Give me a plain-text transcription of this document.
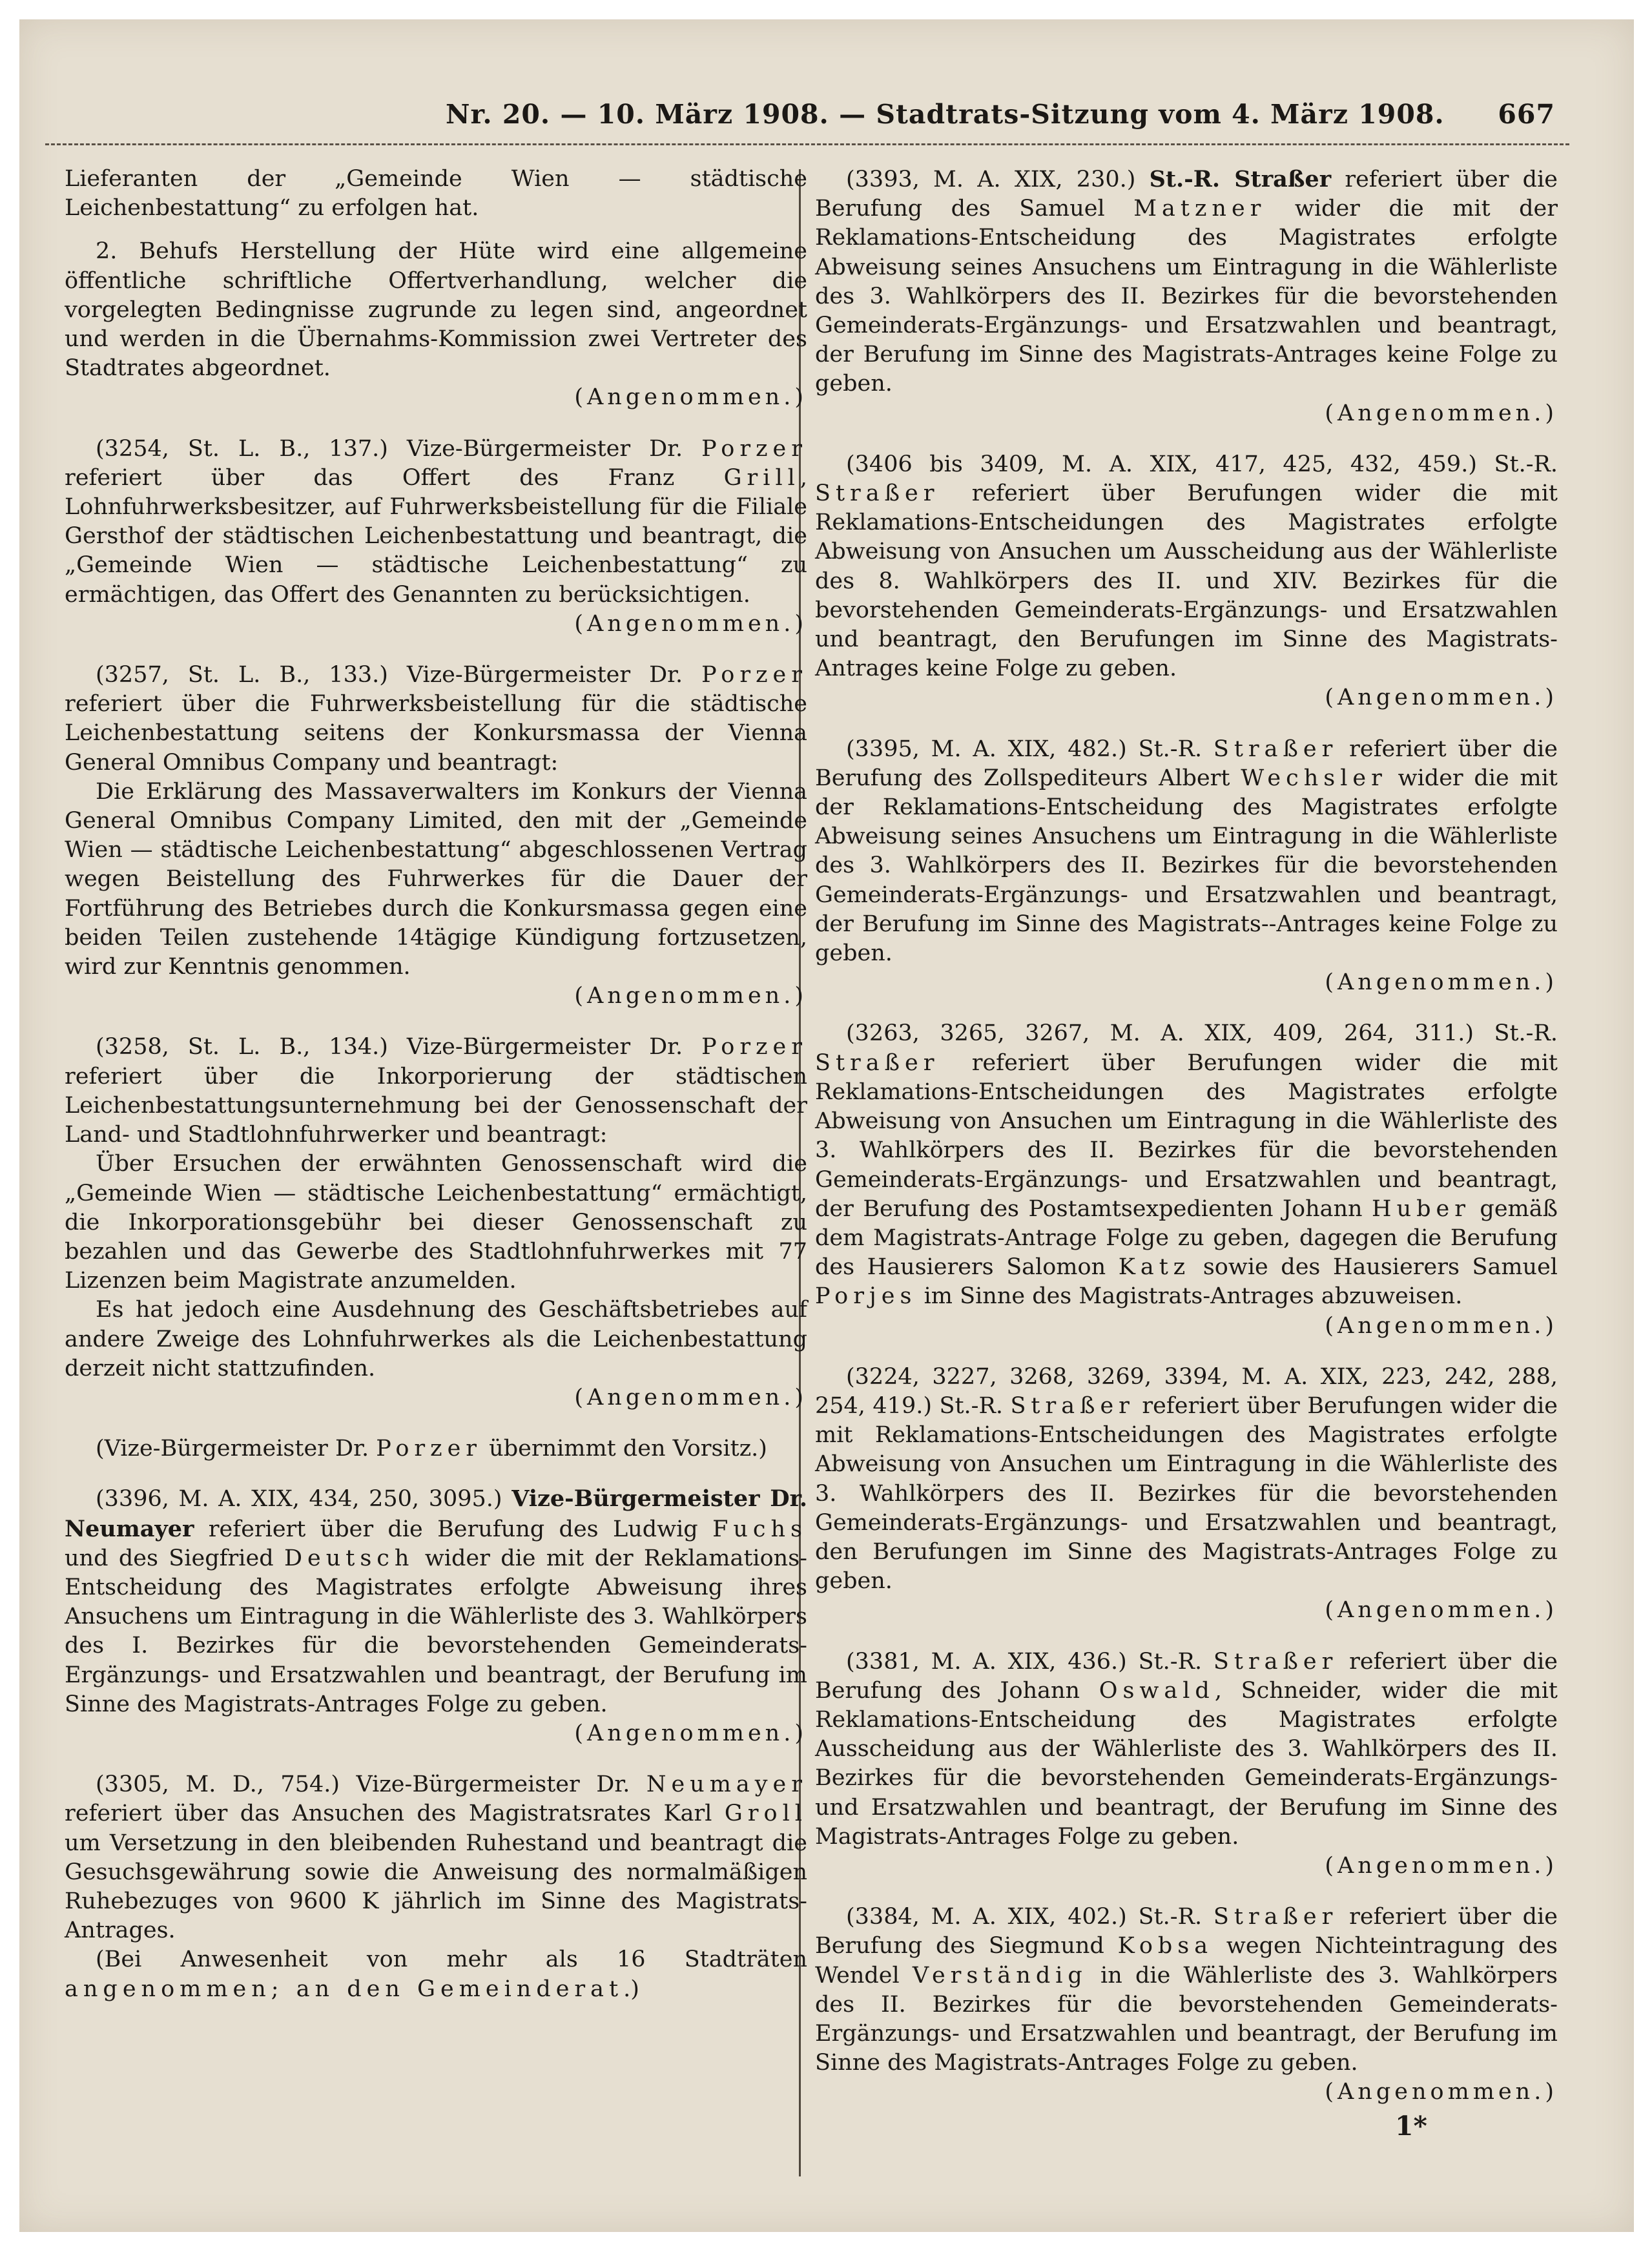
Nr. 20. — 10. März 1908. — Stadtrats-Sitzung vom 4. März 1908. 667

Lieferanten der „Gemeinde Wien — städtische Leichenbestattung“ zu erfolgen hat.

2. Behufs Herstellung der Hüte wird eine allgemeine öffentliche schriftliche Offertverhandlung, welcher die vorgelegten Bedingnisse zugrunde zu legen sind, angeordnet und werden in die Übernahms-Kommission zwei Vertreter des Stadtrates abgeordnet.

(Angenommen.)

(3254, St. L. B., 137.) Vize-Bürgermeister Dr. Porzer referiert über das Offert des Franz Grill, Lohnfuhrwerksbesitzer, auf Fuhrwerksbeistellung für die Filiale Gersthof der städtischen Leichenbestattung und beantragt, die „Gemeinde Wien — städtische Leichenbestattung“ zu ermächtigen, das Offert des Genannten zu berücksichtigen.

(Angenommen.)

(3257, St. L. B., 133.) Vize-Bürgermeister Dr. Porzer referiert über die Fuhrwerksbeistellung für die städtische Leichenbestattung seitens der Konkursmassa der Vienna General Omnibus Company und beantragt:

Die Erklärung des Massaverwalters im Konkurs der Vienna General Omnibus Company Limited, den mit der „Gemeinde Wien — städtische Leichenbestattung“ abgeschlossenen Vertrag wegen Beistellung des Fuhrwerkes für die Dauer der Fortführung des Betriebes durch die Konkursmassa gegen eine beiden Teilen zustehende 14tägige Kündigung fortzusetzen, wird zur Kenntnis genommen.

(Angenommen.)

(3258, St. L. B., 134.) Vize-Bürgermeister Dr. Porzer referiert über die Inkorporierung der städtischen Leichenbestattungsunternehmung bei der Genossenschaft der Land- und Stadtlohnfuhrwerker und beantragt:

Über Ersuchen der erwähnten Genossenschaft wird die „Gemeinde Wien — städtische Leichenbestattung“ ermächtigt, die Inkorporationsgebühr bei dieser Genossenschaft zu bezahlen und das Gewerbe des Stadtlohnfuhrwerkes mit 77 Lizenzen beim Magistrate anzumelden.

Es hat jedoch eine Ausdehnung des Geschäftsbetriebes auf andere Zweige des Lohnfuhrwerkes als die Leichenbestattung derzeit nicht stattzufinden.

(Angenommen.)

(Vize-Bürgermeister Dr. Porzer übernimmt den Vorsitz.)

(3396, M. A. XIX, 434, 250, 3095.) Vize-Bürgermeister Dr. Neumayer referiert über die Berufung des Ludwig Fuchs und des Siegfried Deutsch wider die mit der Reklamations-Entscheidung des Magistrates erfolgte Abweisung ihres Ansuchens um Eintragung in die Wählerliste des 3. Wahlkörpers des I. Bezirkes für die bevorstehenden Gemeinderats-Ergänzungs- und Ersatzwahlen und beantragt, der Berufung im Sinne des Magistrats-Antrages Folge zu geben.

(Angenommen.)

(3305, M. D., 754.) Vize-Bürgermeister Dr. Neumayer referiert über das Ansuchen des Magistratsrates Karl Groll um Versetzung in den bleibenden Ruhestand und beantragt die Gesuchsgewährung sowie die Anweisung des normalmäßigen Ruhebezuges von 9600 K jährlich im Sinne des Magistrats-Antrages.

(Bei Anwesenheit von mehr als 16 Stadträten angenommen; an den Gemeinderat.)

(3393, M. A. XIX, 230.) St.-R. Straßer referiert über die Berufung des Samuel Matzner wider die mit der Reklamations-Entscheidung des Magistrates erfolgte Abweisung seines Ansuchens um Eintragung in die Wählerliste des 3. Wahlkörpers des II. Bezirkes für die bevorstehenden Gemeinderats-Ergänzungs- und Ersatzwahlen und beantragt, der Berufung im Sinne des Magistrats-Antrages keine Folge zu geben.

(Angenommen.)

(3406 bis 3409, M. A. XIX, 417, 425, 432, 459.) St.-R. Straßer referiert über Berufungen wider die mit Reklamations-Entscheidungen des Magistrates erfolgte Abweisung von Ansuchen um Ausscheidung aus der Wählerliste des 8. Wahlkörpers des II. und XIV. Bezirkes für die bevorstehenden Gemeinderats-Ergänzungs- und Ersatzwahlen und beantragt, den Berufungen im Sinne des Magistrats-Antrages keine Folge zu geben.

(Angenommen.)

(3395, M. A. XIX, 482.) St.-R. Straßer referiert über die Berufung des Zollspediteurs Albert Wechsler wider die mit der Reklamations-Entscheidung des Magistrates erfolgte Abweisung seines Ansuchens um Eintragung in die Wählerliste des 3. Wahlkörpers des II. Bezirkes für die bevorstehenden Gemeinderats-Ergänzungs- und Ersatzwahlen und beantragt, der Berufung im Sinne des Magistrats--Antrages keine Folge zu geben.

(Angenommen.)

(3263, 3265, 3267, M. A. XIX, 409, 264, 311.) St.-R. Straßer referiert über Berufungen wider die mit Reklamations-Entscheidungen des Magistrates erfolgte Abweisung von Ansuchen um Eintragung in die Wählerliste des 3. Wahlkörpers des II. Bezirkes für die bevorstehenden Gemeinderats-Ergänzungs- und Ersatzwahlen und beantragt, der Berufung des Postamtsexpedienten Johann Huber gemäß dem Magistrats-Antrage Folge zu geben, dagegen die Berufung des Hausierers Salomon Katz sowie des Hausierers Samuel Porjes im Sinne des Magistrats-Antrages abzuweisen.

(Angenommen.)

(3224, 3227, 3268, 3269, 3394, M. A. XIX, 223, 242, 288, 254, 419.) St.-R. Straßer referiert über Berufungen wider die mit Reklamations-Entscheidungen des Magistrates erfolgte Abweisung von Ansuchen um Eintragung in die Wählerliste des 3. Wahlkörpers des II. Bezirkes für die bevorstehenden Gemeinderats-Ergänzungs- und Ersatzwahlen und beantragt, den Berufungen im Sinne des Magistrats-Antrages Folge zu geben.

(Angenommen.)

(3381, M. A. XIX, 436.) St.-R. Straßer referiert über die Berufung des Johann Oswald, Schneider, wider die mit Reklamations-Entscheidung des Magistrates erfolgte Ausscheidung aus der Wählerliste des 3. Wahlkörpers des II. Bezirkes für die bevorstehenden Gemeinderats-Ergänzungs- und Ersatzwahlen und beantragt, der Berufung im Sinne des Magistrats-Antrages Folge zu geben.

(Angenommen.)

(3384, M. A. XIX, 402.) St.-R. Straßer referiert über die Berufung des Siegmund Kobsa wegen Nichteintragung des Wendel Verständig in die Wählerliste des 3. Wahlkörpers des II. Bezirkes für die bevorstehenden Gemeinderats-Ergänzungs- und Ersatzwahlen und beantragt, der Berufung im Sinne des Magistrats-Antrages Folge zu geben.

(Angenommen.)
1*
